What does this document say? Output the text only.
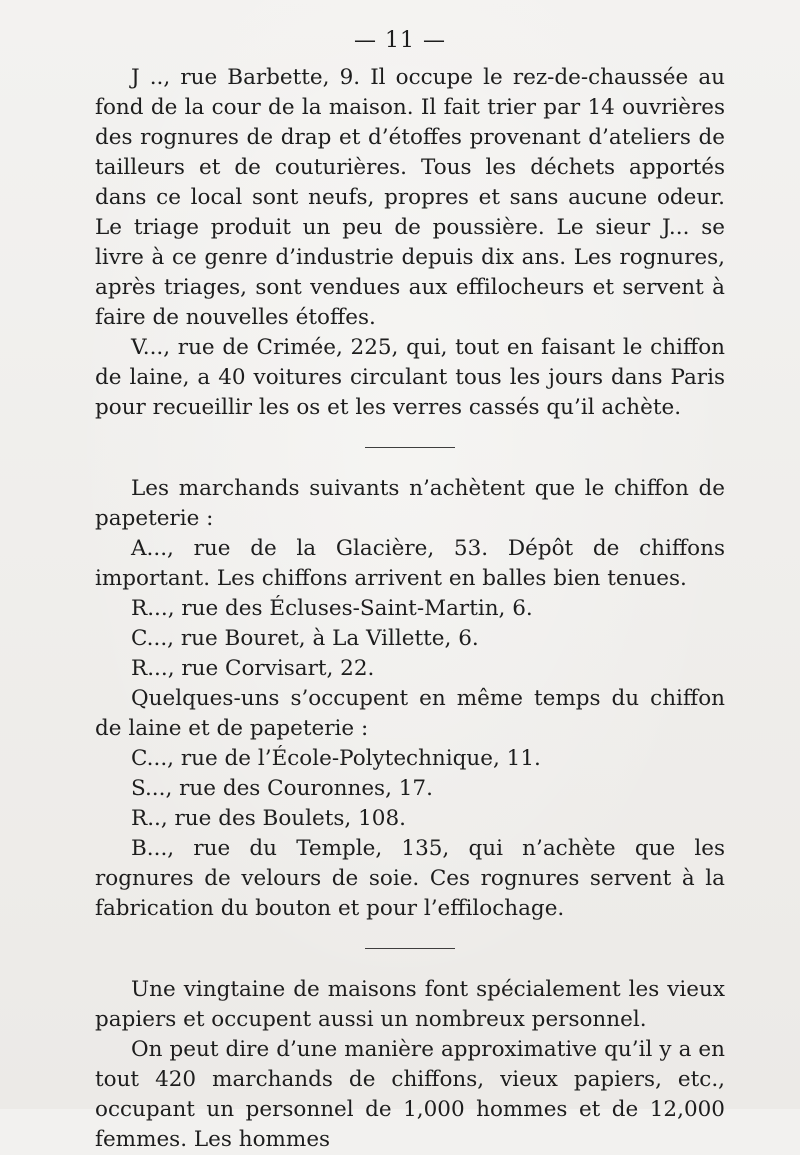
— 11 —

J .., rue Barbette, 9. Il occupe le rez-de-chaussée au fond de la cour de la maison. Il fait trier par 14 ouvrières des rognures de drap et d’étoffes provenant d’ateliers de tailleurs et de couturières. Tous les déchets apportés dans ce local sont neufs, propres et sans aucune odeur. Le triage produit un peu de poussière. Le sieur J... se livre à ce genre d’industrie depuis dix ans. Les rognures, après triages, sont vendues aux effilocheurs et servent à faire de nouvelles étoffes.

V..., rue de Crimée, 225, qui, tout en faisant le chiffon de laine, a 40 voitures circulant tous les jours dans Paris pour recueillir les os et les verres cassés qu’il achète.

Les marchands suivants n’achètent que le chiffon de papeterie :

A..., rue de la Glacière, 53. Dépôt de chiffons important. Les chiffons arrivent en balles bien tenues.

R..., rue des Écluses-Saint-Martin, 6.

C..., rue Bouret, à La Villette, 6.

R..., rue Corvisart, 22.

Quelques-uns s’occupent en même temps du chiffon de laine et de papeterie :

C..., rue de l’École-Polytechnique, 11.

S..., rue des Couronnes, 17.

R.., rue des Boulets, 108.

B..., rue du Temple, 135, qui n’achète que les rognures de velours de soie. Ces rognures servent à la fabrication du bouton et pour l’effilochage.

Une vingtaine de maisons font spécialement les vieux papiers et occupent aussi un nombreux personnel.

On peut dire d’une manière approximative qu’il y a en tout 420 marchands de chiffons, vieux papiers, etc., occupant un personnel de 1,000 hommes et de 12,000 femmes. Les hommes
